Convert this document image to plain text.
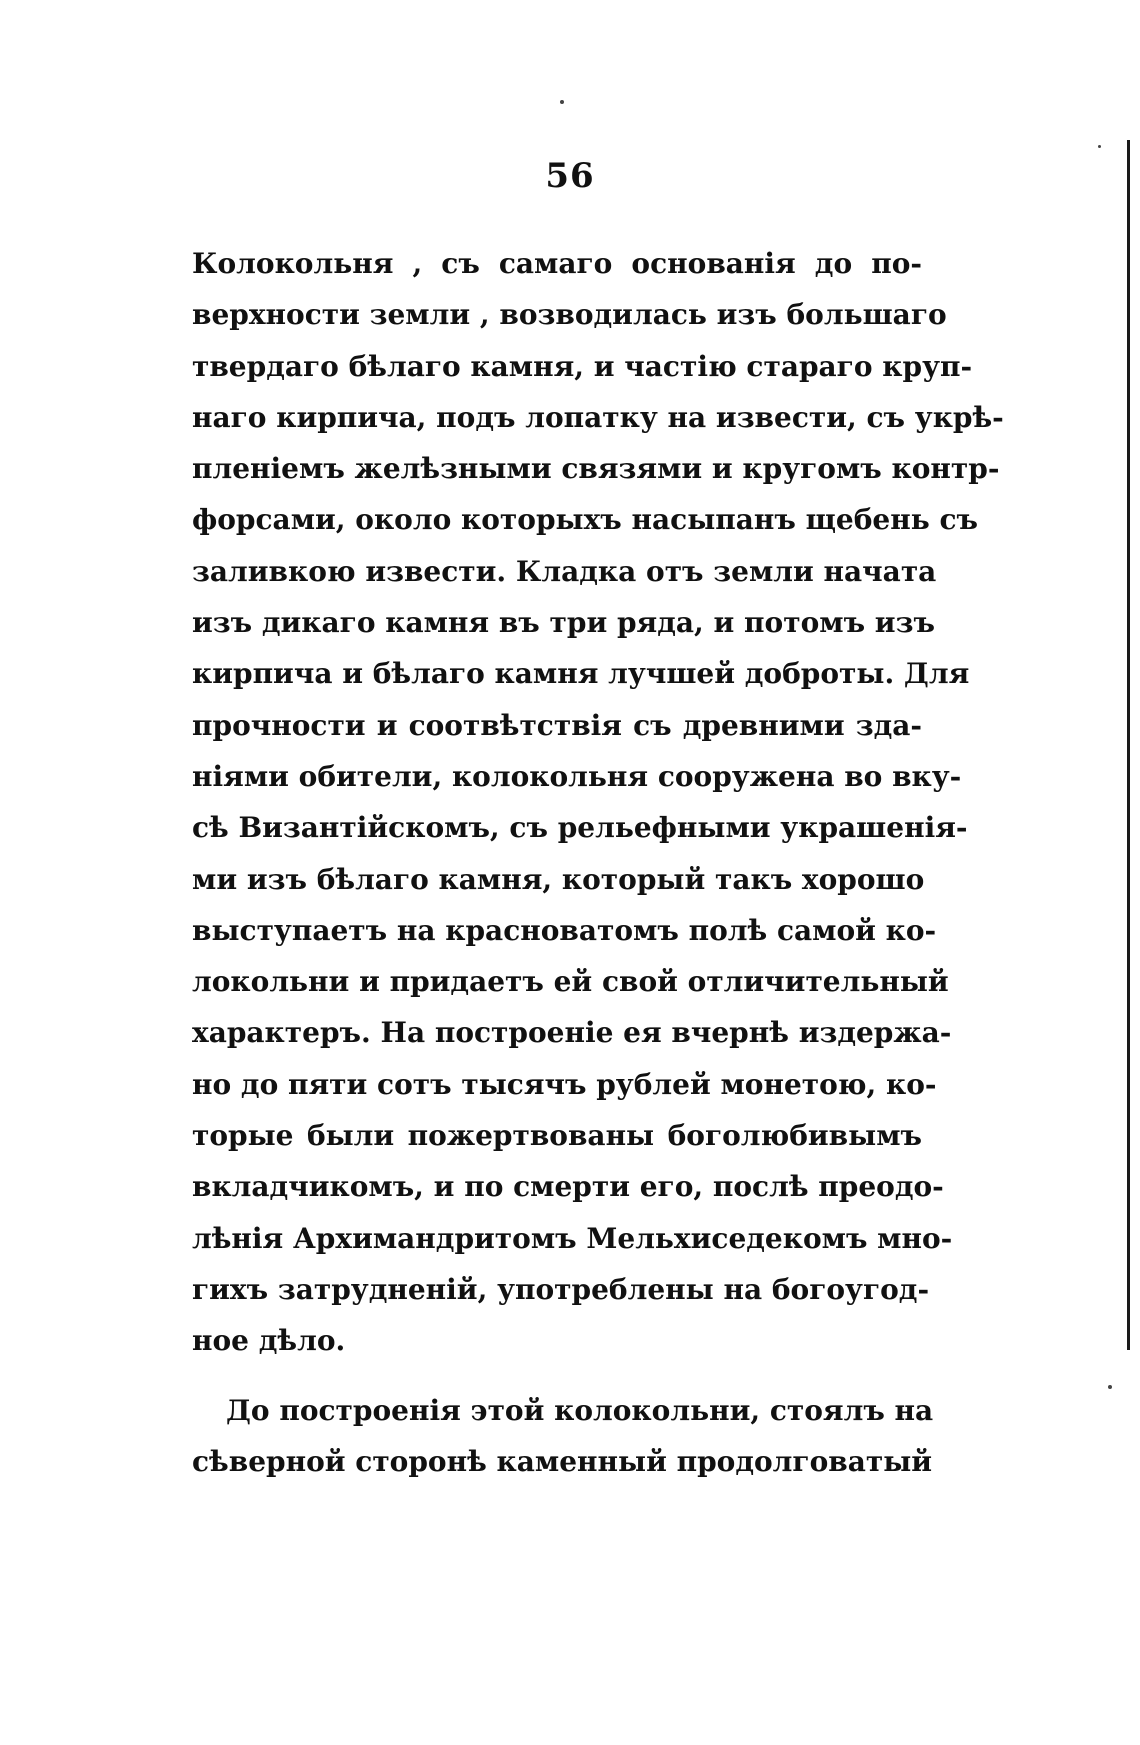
56
Колокольня , съ самаго основанія до по-
верхности земли , возводилась изъ большаго
твердаго бѣлаго камня, и частію стараго круп-
наго кирпича, подъ лопатку на извести, съ укрѣ-
пленіемъ желѣзными связями и кругомъ контр-
форсами, около которыхъ насыпанъ щебень съ
заливкою извести. Кладка отъ земли начата
изъ дикаго камня въ три ряда, и потомъ изъ
кирпича и бѣлаго камня лучшей доброты. Для
прочности и соотвѣтствія съ древними зда-
ніями обители, колокольня сооружена во вку-
сѣ Византійскомъ, съ рельефными украшенія-
ми изъ бѣлаго камня, который такъ хорошо
выступаетъ на красноватомъ полѣ самой ко-
локольни и придаетъ ей свой отличительный
характеръ. На построеніе ея вчернѣ издержа-
но до пяти сотъ тысячъ рублей монетою, ко-
торые были пожертвованы боголюбивымъ
вкладчикомъ, и по смерти его, послѣ преодо-
лѣнія Архимандритомъ Мельхиседекомъ мно-
гихъ затрудненій, употреблены на богоугод-
ное дѣло.
До построенія этой колокольни, стоялъ на
сѣверной сторонѣ каменный продолговатый
